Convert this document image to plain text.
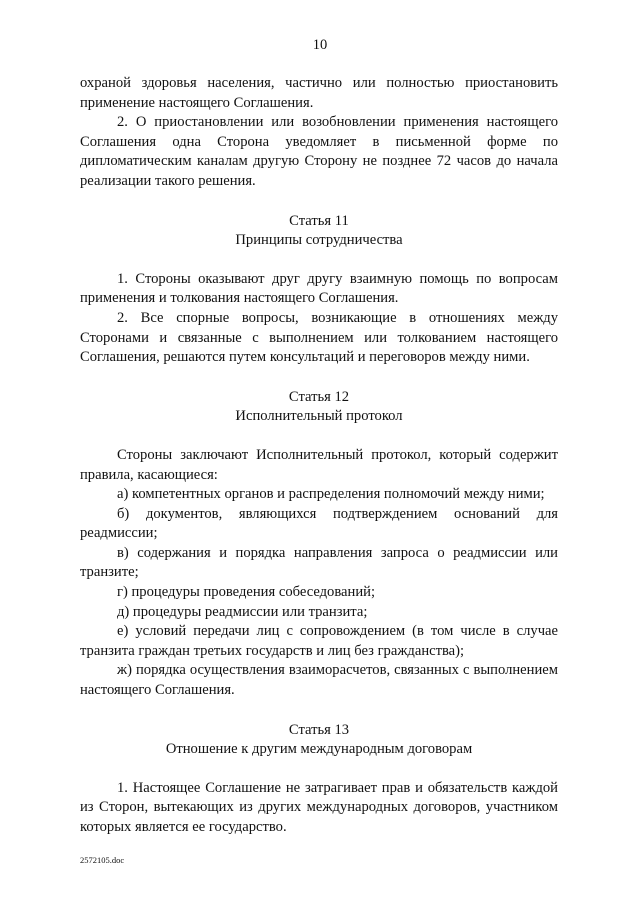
10

охраной здоровья населения, частично или полностью приостановить применение настоящего Соглашения.

2. О приостановлении или возобновлении применения настоящего Соглашения одна Сторона уведомляет в письменной форме по дипломатическим каналам другую Сторону не позднее 72 часов до начала реализации такого решения.

Статья 11
Принципы сотрудничества

1. Стороны оказывают друг другу взаимную помощь по вопросам применения и толкования настоящего Соглашения.

2. Все спорные вопросы, возникающие в отношениях между Сторонами и связанные с выполнением или толкованием настоящего Соглашения, решаются путем консультаций и переговоров между ними.

Статья 12
Исполнительный протокол

Стороны заключают Исполнительный протокол, который содержит правила, касающиеся:

а) компетентных органов и распределения полномочий между ними;

б) документов, являющихся подтверждением оснований для реадмиссии;

в) содержания и порядка направления запроса о реадмиссии или транзите;

г) процедуры проведения собеседований;

д) процедуры реадмиссии или транзита;

е) условий передачи лиц с сопровождением (в том числе в случае транзита граждан третьих государств и лиц без гражданства);

ж) порядка осуществления взаиморасчетов, связанных с выполнением настоящего Соглашения.

Статья 13
Отношение к другим международным договорам

1. Настоящее Соглашение не затрагивает прав и обязательств каждой из Сторон, вытекающих из других международных договоров, участником которых является ее государство.

2572105.doc
